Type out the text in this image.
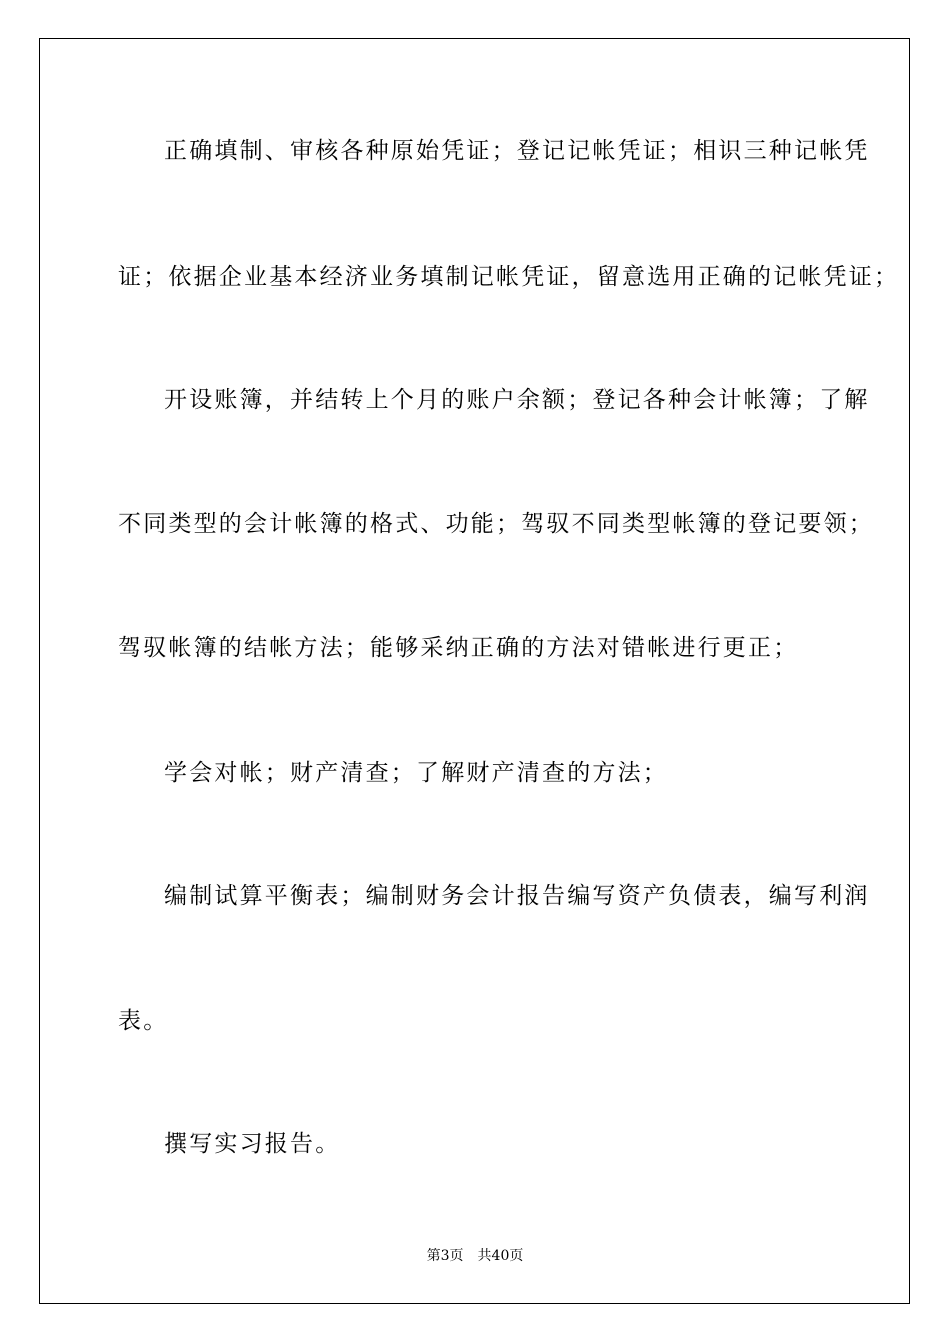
正确填制、审核各种原始凭证；登记记帐凭证；相识三种记帐凭
证；依据企业基本经济业务填制记帐凭证，留意选用正确的记帐凭证；
开设账簿，并结转上个月的账户余额；登记各种会计帐簿；了解
不同类型的会计帐簿的格式、功能；驾驭不同类型帐簿的登记要领；
驾驭帐簿的结帐方法；能够采纳正确的方法对错帐进行更正；
学会对帐；财产清查；了解财产清查的方法；
编制试算平衡表；编制财务会计报告编写资产负债表，编写利润
表。
撰写实习报告。
第3页 共40页
